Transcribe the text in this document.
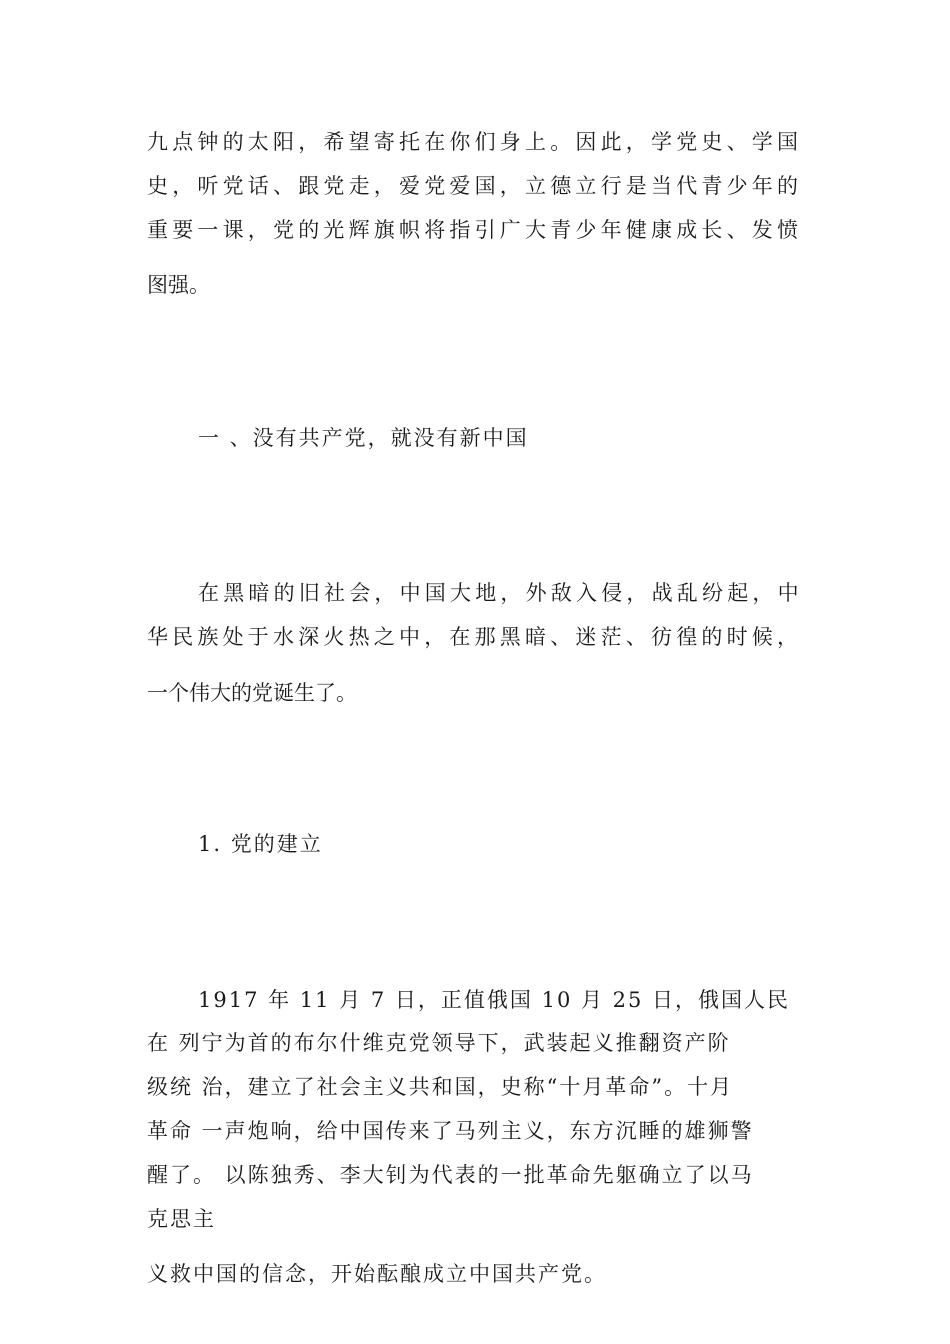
九点钟的太阳，希望寄托在你们身上。因此，学党史、学国
史，听党话、跟党走，爱党爱国，立德立行是当代青少年的
重要一课，党的光辉旗帜将指引广大青少年健康成长、发愤
图强。
一 、没有共产党，就没有新中国
在黑暗的旧社会，中国大地，外敌入侵，战乱纷起，中
华民族处于水深火热之中，在那黑暗、迷茫、彷徨的时候，
一个伟大的党诞生了。
1. 党的建立
1917 年 11 月 7 日，正值俄国 10 月 25 日，俄国人民
在 列宁为首的布尔什维克党领导下，武装起义推翻资产阶
级统 治，建立了社会主义共和国，史称“十月革命”。十月
革命 一声炮响，给中国传来了马列主义，东方沉睡的雄狮警
醒了。 以陈独秀、李大钊为代表的一批革命先躯确立了以马
克思主
义救中国的信念，开始酝酿成立中国共产党。
